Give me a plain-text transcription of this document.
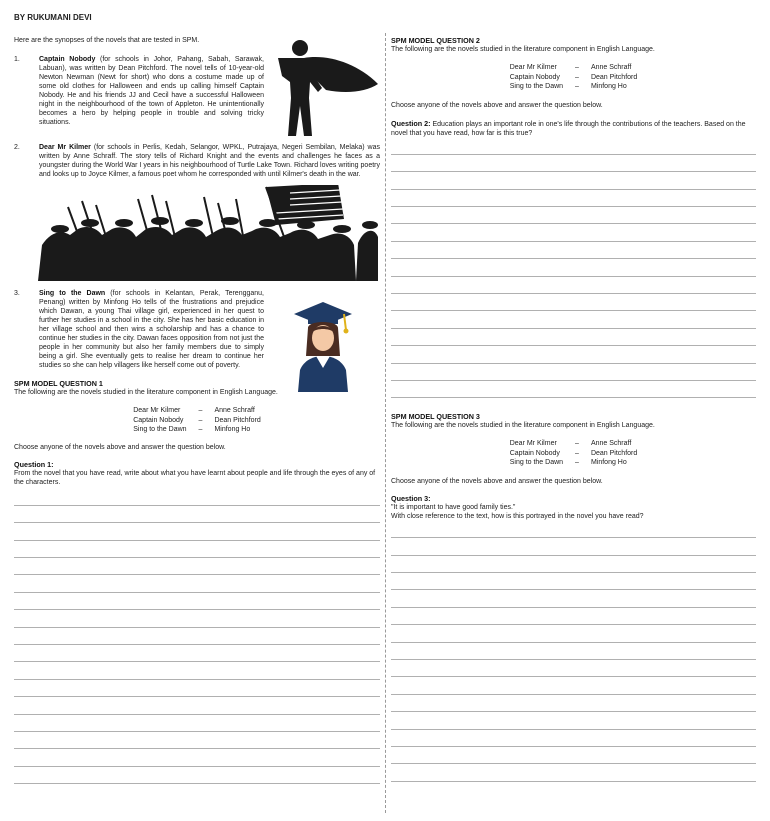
BY RUKUMANI DEVI

Here are the synopses of the novels that are tested in SPM.

1.	Captain Nobody (for schools in Johor, Pahang, Sabah, Sarawak, Labuan), was written by Dean Pitchford. The novel tells of 10-year-old Newton Newman (Newt for short) who dons a costume made up of some old clothes for Halloween and ends up calling himself Captain Nobody. He and his friends JJ and Cecil have a successful Halloween night in the neighbourhood of the town of Appleton. He unintentionally becomes a hero by helping people in trouble and solving tricky situations.

2.	Dear Mr Kilmer (for schools in Perlis, Kedah, Selangor, WPKL, Putrajaya, Negeri Sembilan, Melaka) was written by Anne Schraff. The story tells of Richard Knight and the events and challenges he faces as a youngster during the World War I years in his neighbourhood of Turtle Lake Town. Richard loves writing poetry and looks up to Joyce Kilmer, a famous poet whom he corresponded with until Kilmer's death in the war.

3.	Sing to the Dawn (for schools in Kelantan, Perak, Terengganu, Penang) written by Minfong Ho tells of the frustrations and prejudice which Dawan, a young Thai village girl, experienced in her quest to further her studies in a school in the city. She has her basic education in her village school and then wins a scholarship and has a chance to continue her studies in the city. Dawan faces opposition from not just the people in her community but also her family members due to simply being a girl. She eventually gets to realise her dream to continue her studies so she can help villagers like herself come out of poverty.

SPM MODEL QUESTION 1

The following are the novels studied in the literature component in English Language.

Dear Mr Kilmer	–	Anne Schraff
Captain Nobody	–	Dean Pitchford
Sing to the Dawn	–	Minfong Ho

Choose anyone of the novels above and answer the question below.

Question 1:

From the novel that you have read, write about what you have learnt about people and life through the eyes of any of the characters.

SPM MODEL QUESTION 2

The following are the novels studied in the literature component in English Language.

Dear Mr Kilmer	–	Anne Schraff
Captain Nobody	–	Dean Pitchford
Sing to the Dawn	–	Minfong Ho

Choose anyone of the novels above and answer the question below.

Question 2: Education plays an important role in one's life through the contributions of the teachers. Based on the novel that you have read, how far is this true?

SPM MODEL QUESTION 3

The following are the novels studied in the literature component in English Language.

Dear Mr Kilmer	–	Anne Schraff
Captain Nobody	–	Dean Pitchford
Sing to the Dawn	–	Minfong Ho

Choose anyone of the novels above and answer the question below.

Question 3:

"It is important to have good family ties."

With close reference to the text, how is this portrayed in the novel you have read?
